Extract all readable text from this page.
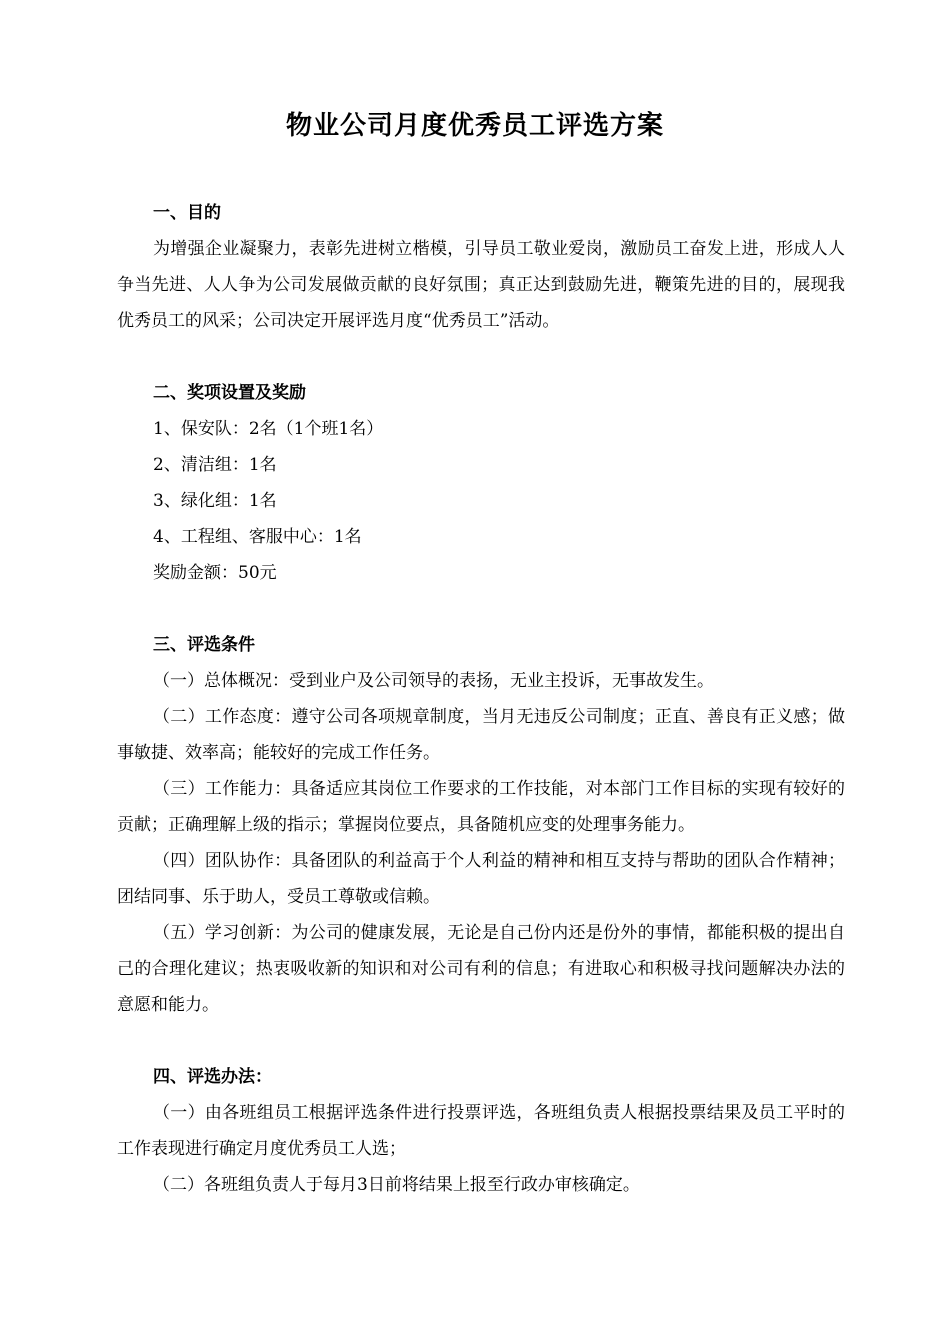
物业公司月度优秀员工评选方案

一、目的

为增强企业凝聚力，表彰先进树立楷模，引导员工敬业爱岗，激励员工奋发上进，形成人人争当先进、人人争为公司发展做贡献的良好氛围；真正达到鼓励先进，鞭策先进的目的，展现我优秀员工的风采；公司决定开展评选月度“优秀员工”活动。

二、奖项设置及奖励

1、保安队：2名（1个班1名）

2、清洁组：1名

3、绿化组：1名

4、工程组、客服中心：1名

奖励金额：50元

三、评选条件

（一）总体概况：受到业户及公司领导的表扬，无业主投诉，无事故发生。

（二）工作态度：遵守公司各项规章制度，当月无违反公司制度；正直、善良有正义感；做事敏捷、效率高；能较好的完成工作任务。

（三）工作能力：具备适应其岗位工作要求的工作技能，对本部门工作目标的实现有较好的贡献；正确理解上级的指示；掌握岗位要点，具备随机应变的处理事务能力。

（四）团队协作：具备团队的利益高于个人利益的精神和相互支持与帮助的团队合作精神；团结同事、乐于助人，受员工尊敬或信赖。

（五）学习创新：为公司的健康发展，无论是自己份内还是份外的事情，都能积极的提出自己的合理化建议；热衷吸收新的知识和对公司有利的信息；有进取心和积极寻找问题解决办法的意愿和能力。

四、评选办法：

（一）由各班组员工根据评选条件进行投票评选，各班组负责人根据投票结果及员工平时的工作表现进行确定月度优秀员工人选；

（二）各班组负责人于每月3日前将结果上报至行政办审核确定。
